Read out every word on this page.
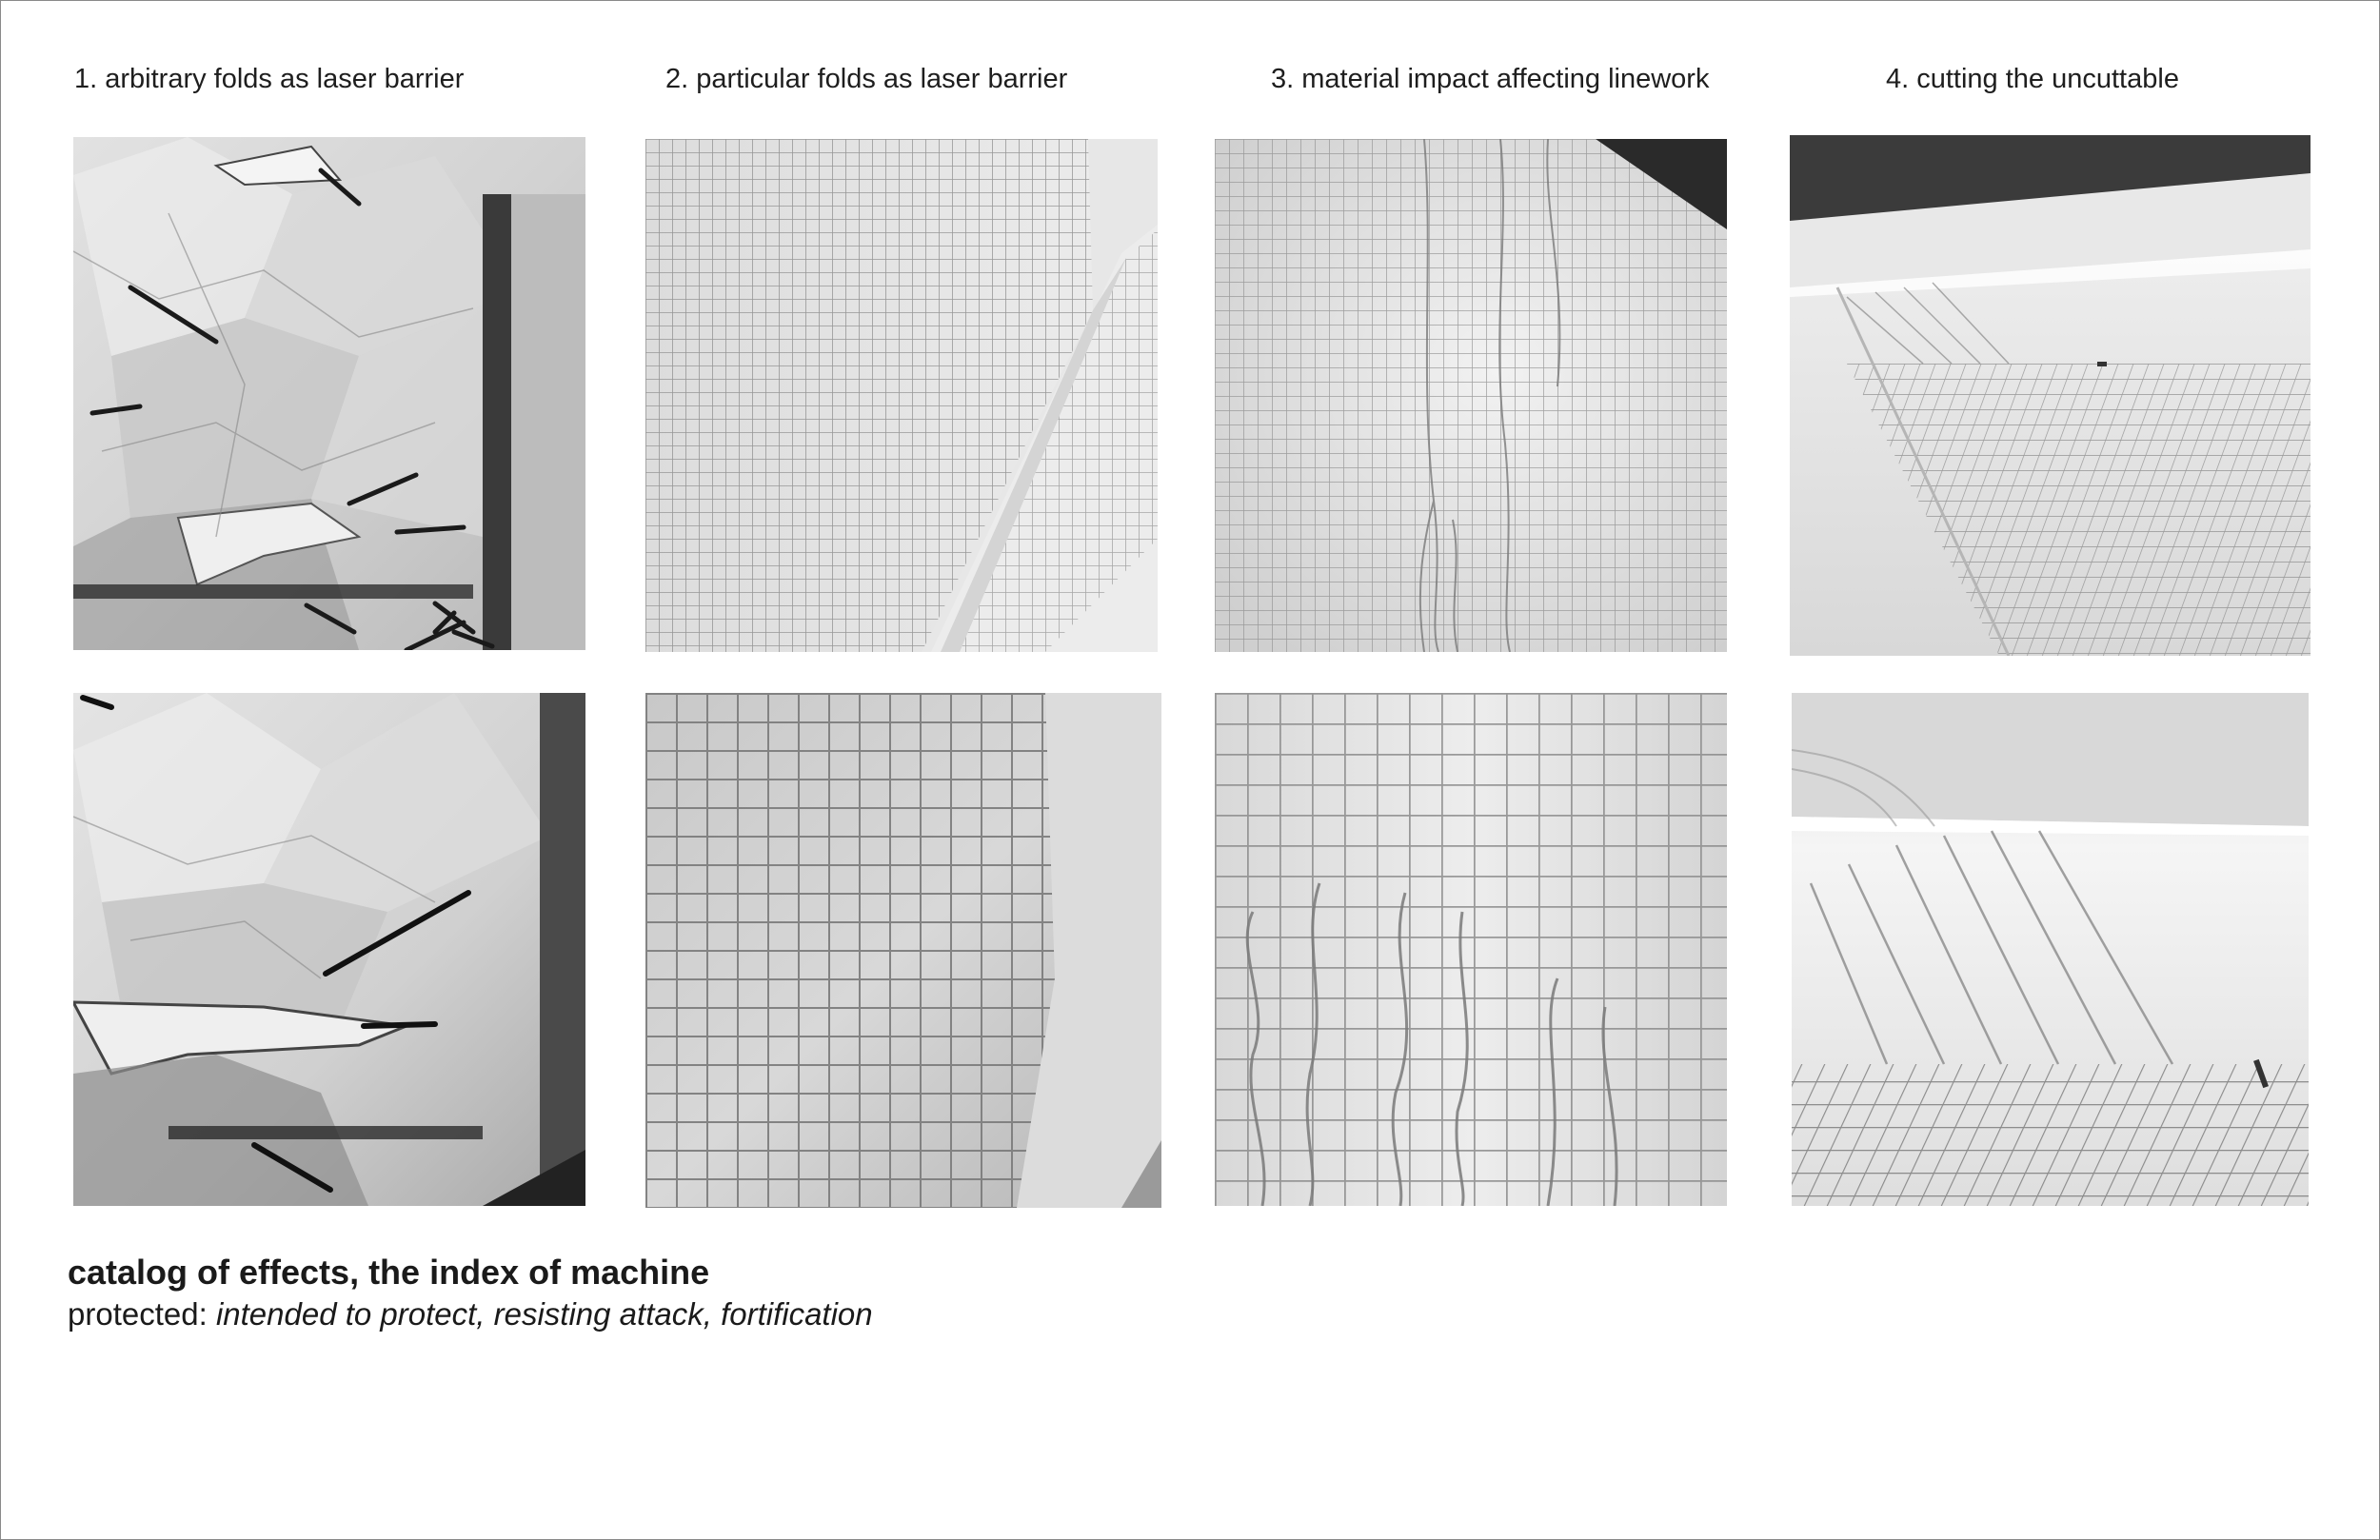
1. arbitrary folds as laser barrier	2. particular folds as laser barrier	3. material impact affecting linework	4. cutting the uncuttable
catalog of effects, the index of machine
protected: intended to protect, resisting attack, fortification
